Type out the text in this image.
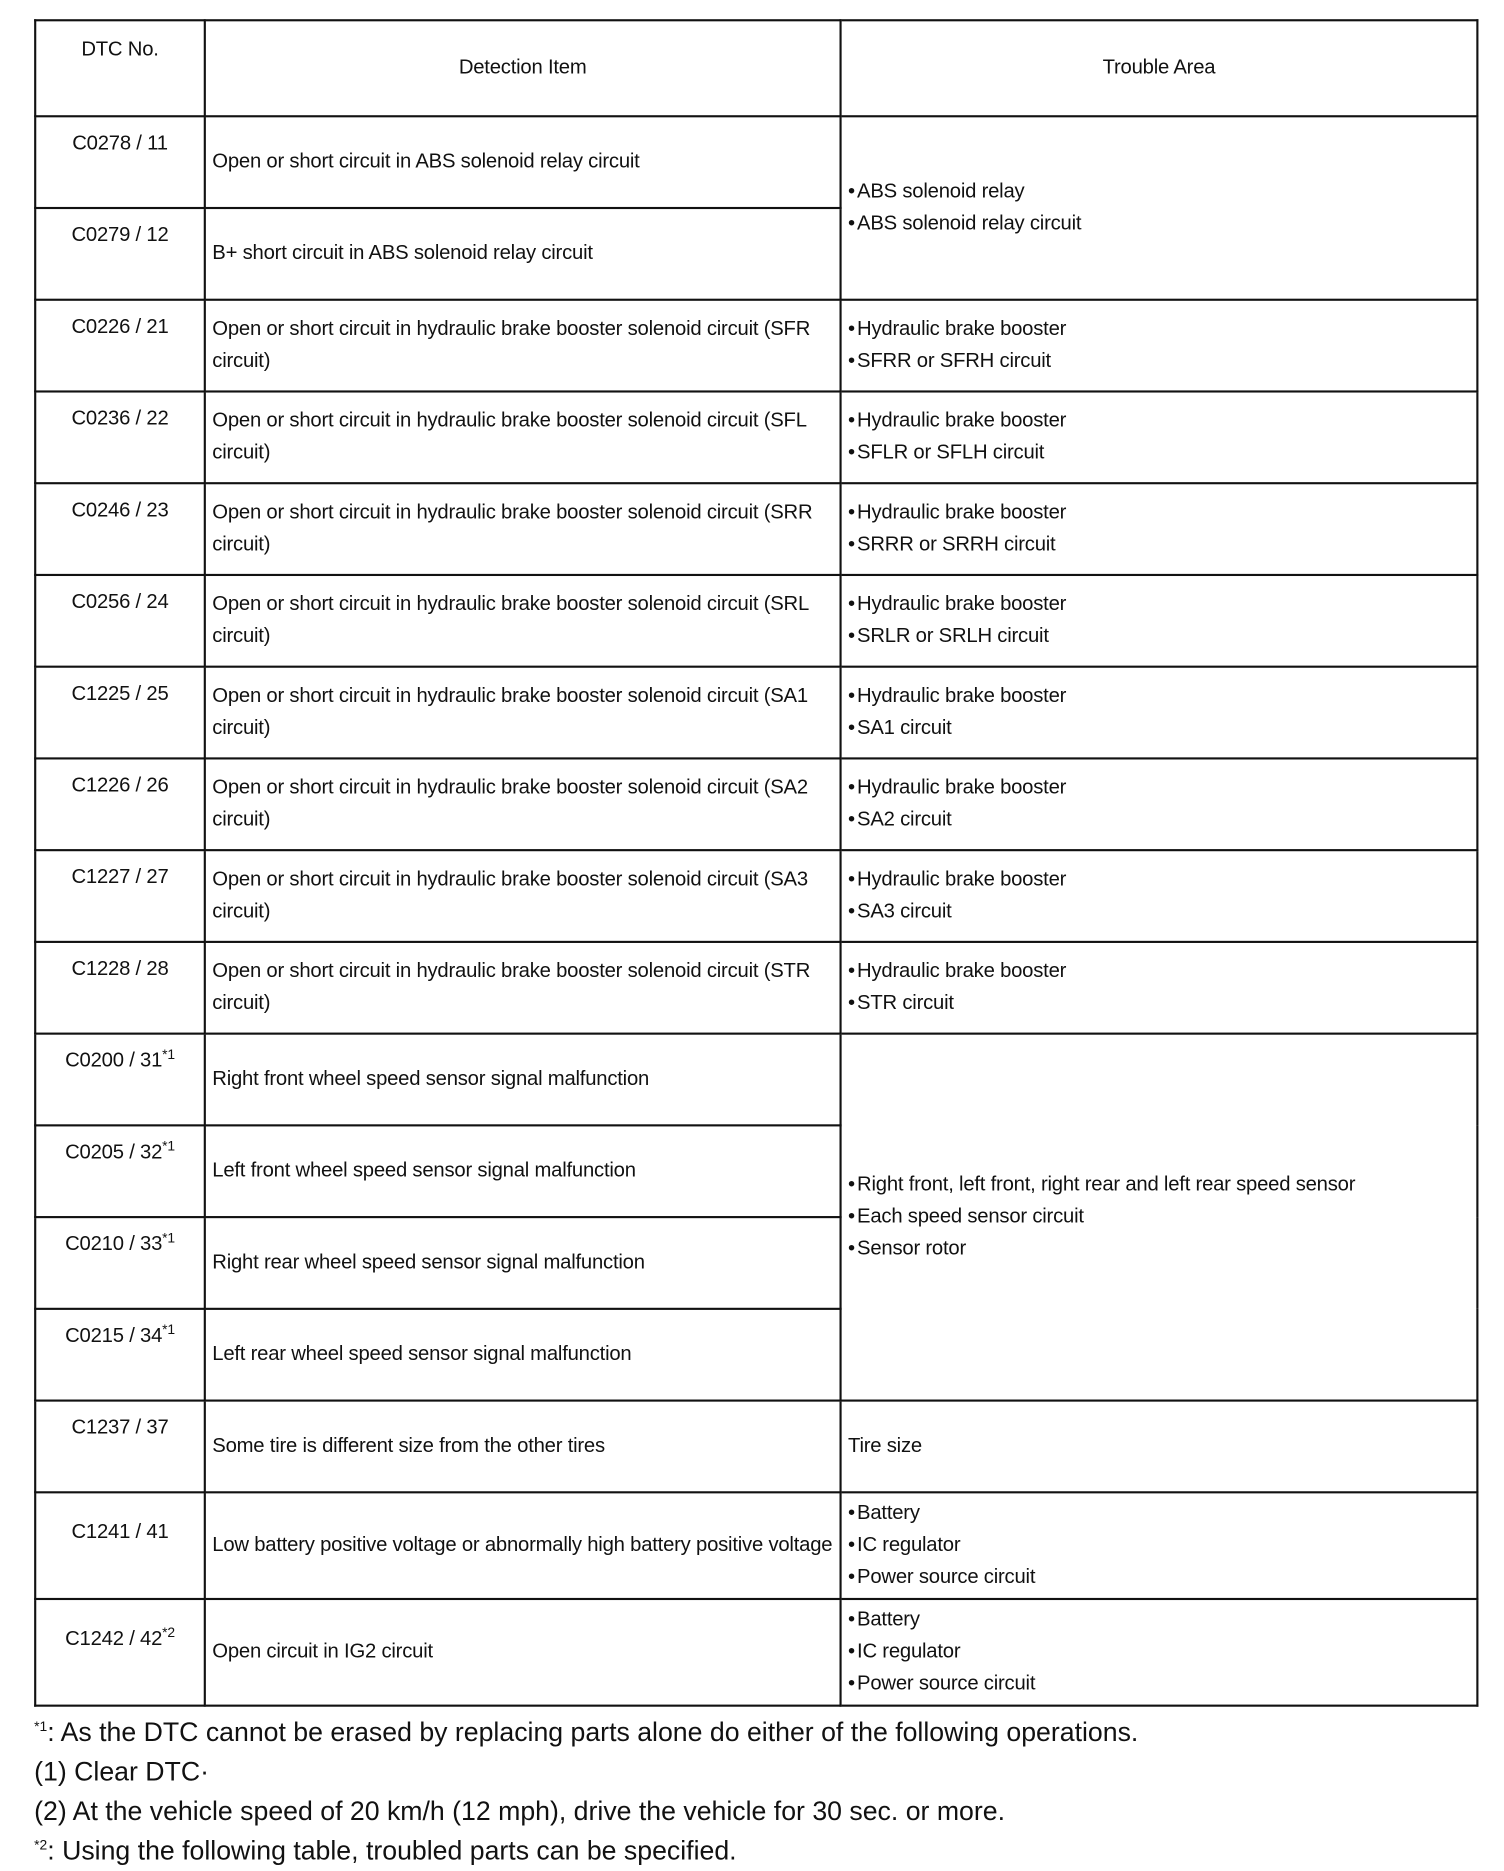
DTC No.	Detection Item	Trouble Area
C0278 / 11	Open or short circuit in ABS solenoid relay circuit	• ABS solenoid relay
• ABS solenoid relay circuit

C0279 / 12	B+ short circuit in ABS solenoid relay circuit	
C0226 / 21	Open or short circuit in hydraulic brake booster solenoid circuit (SFR circuit)	• Hydraulic brake booster
• SFRR or SFRH circuit

C0236 / 22	Open or short circuit in hydraulic brake booster solenoid circuit (SFL circuit)	• Hydraulic brake booster
• SFLR or SFLH circuit

C0246 / 23	Open or short circuit in hydraulic brake booster solenoid circuit (SRR circuit)	• Hydraulic brake booster
• SRRR or SRRH circuit

C0256 / 24	Open or short circuit in hydraulic brake booster solenoid circuit (SRL circuit)	• Hydraulic brake booster
• SRLR or SRLH circuit

C1225 / 25	Open or short circuit in hydraulic brake booster solenoid circuit (SA1 circuit)	• Hydraulic brake booster
• SA1 circuit

C1226 / 26	Open or short circuit in hydraulic brake booster solenoid circuit (SA2 circuit)	• Hydraulic brake booster
• SA2 circuit

C1227 / 27	Open or short circuit in hydraulic brake booster solenoid circuit (SA3 circuit)	• Hydraulic brake booster
• SA3 circuit

C1228 / 28	Open or short circuit in hydraulic brake booster solenoid circuit (STR circuit)	• Hydraulic brake booster
• STR circuit

C0200 / 31$^{*1}$	Right front wheel speed sensor signal malfunction	• Right front, left front, right rear and left rear speed sensor
• Each speed sensor circuit
• Sensor rotor

C0205 / 32$^{*1}$	Left front wheel speed sensor signal malfunction	
C0210 / 33$^{*1}$	Right rear wheel speed sensor signal malfunction	
C0215 / 34$^{*1}$	Left rear wheel speed sensor signal malfunction	
C1237 / 37	Some tire is different size from the other tires	Tire size
C1241 / 41	Low battery positive voltage or abnormally high battery positive voltage	• Battery
• IC regulator
• Power source circuit

C1242 / 42$^{*2}$	Open circuit in IG2 circuit	• Battery
• IC regulator
• Power source circuit
$^{*1}$: As the DTC cannot be erased by replacing parts alone do either of the following operations.
(1) Clear DTC·
(2) At the vehicle speed of 20 km/h (12 mph), drive the vehicle for 30 sec. or more.
$^{*2}$: Using the following table, troubled parts can be specified.
